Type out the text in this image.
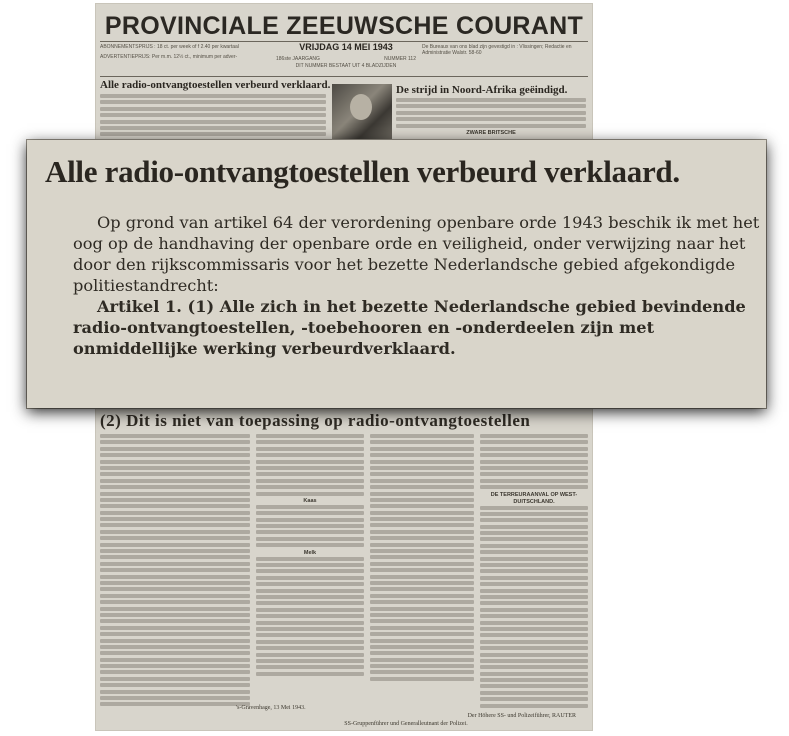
PROVINCIALE ZEEUWSCHE COURANT
ABONNEMENTSPRIJS : 18 ct. per week of f 2.40 per kwartaal
ADVERTENTIEPRIJS: Per m.m. 12½ ct., minimum per adver-
VRIJDAG 14 MEI 1943
186ste JAARGANG	NUMMER 112
DIT NUMMER BESTAAT UIT 4 BLADZIJDEN
De Bureaux van ons blad zijn gevestigd in : Vlissingen; Redactie en Administratie Walstr. 58-60
Alle radio-ontvangtoestellen verbeurd verklaard.	De strijd in Noord-Afrika geëindigd.
ZWARE BRITSCHE
(2) Dit is niet van toepassing op radio-ontvangtoestellen
Kaas
Melk
DE TERREURAANVAL OP WEST-DUITSCHLAND.
's-Gravenhage, 13 Mei 1943.
Der Höhere SS- und Polizeiführer, RAUTER
SS-Gruppenführer und Generalleutnant der Polizei.
Alle radio-ontvangtoestellen verbeurd verklaard.

Op grond van artikel 64 der verordening openbare orde 1943 beschik ik met het oog op de handhaving der openbare orde en veiligheid, onder verwijzing naar het door den rijkscommissaris voor het bezette Nederlandsche gebied afgekondigde politiestandrecht:

Artikel 1. (1) Alle zich in het bezette Nederlandsche gebied bevindende radio-ontvangtoestellen, -toebehooren en -onderdeelen zijn met onmiddellijke werking verbeurdverklaard.
